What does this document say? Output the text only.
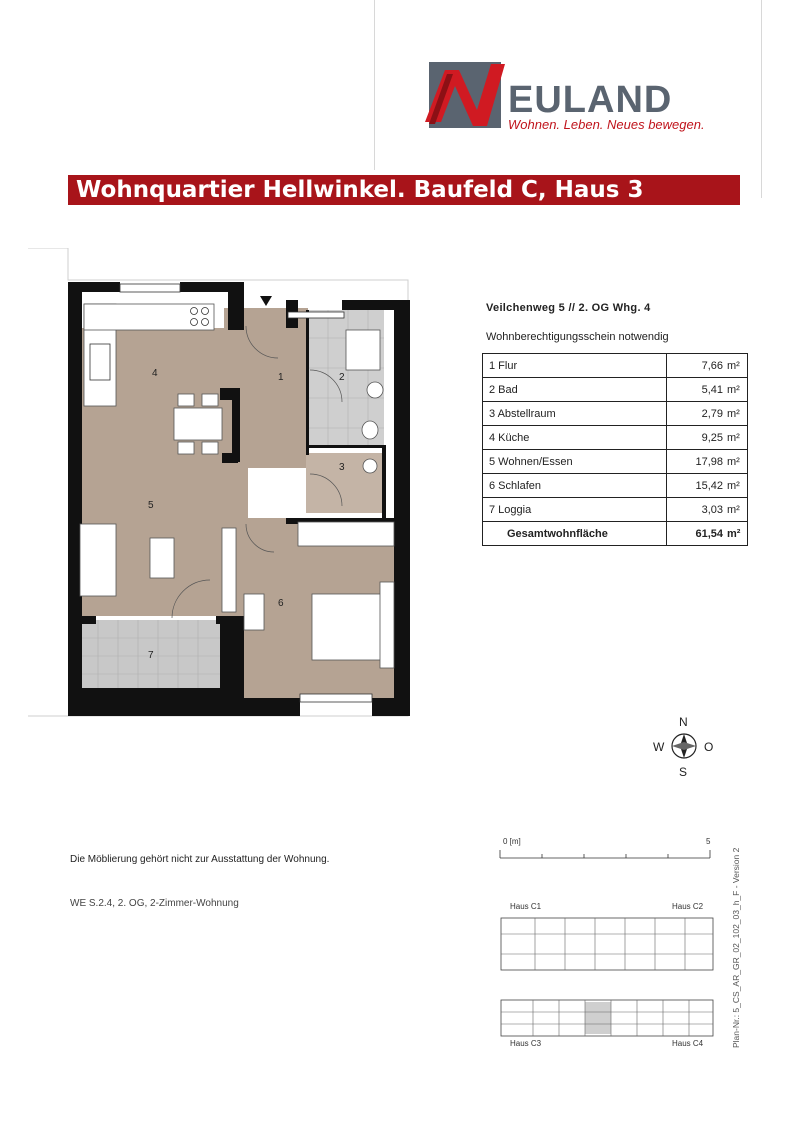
EULAND
Wohnen. Leben. Neues bewegen.
Wohnquartier Hellwinkel. Baufeld C, Haus 3
4	1	2
3
5
6
7
Veilchenweg 5 // 2. OG Whg. 4
Wohnberechtigungsschein notwendig
1 Flur	7,66	m²
2 Bad	5,41	m²
3 Abstellraum	2,79	m²
4 Küche	9,25	m²
5 Wohnen/Essen	17,98	m²
6 Schlafen	15,42	m²
7 Loggia	3,03	m²
Gesamtwohnfläche	61,54	m²
N
S
W	O
Die Möblierung gehört nicht zur Ausstattung der Wohnung.
WE S.2.4, 2. OG, 2-Zimmer-Wohnung
0 [m]	5
Haus C1	Haus C2
Haus C3	Haus C4	Plan-Nr.: 5_CS_AR_GR_02_102_03_h_F - Version 2
